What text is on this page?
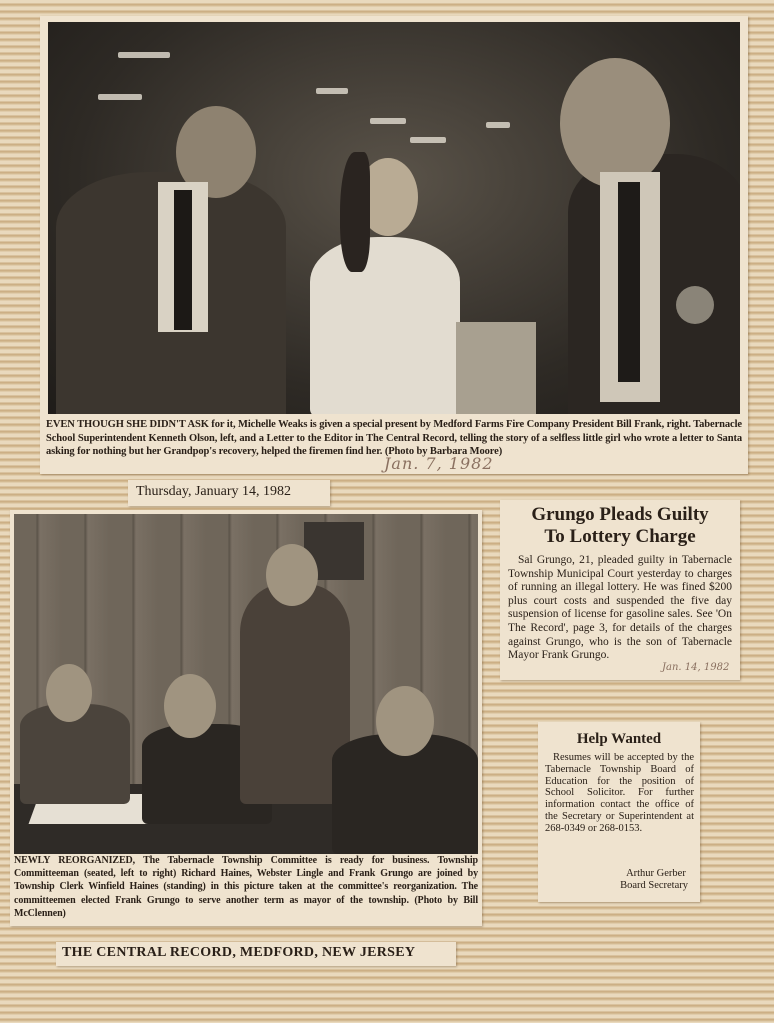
EVEN THOUGH SHE DIDN'T ASK for it, Michelle Weaks is given a special present by Medford Farms Fire Company President Bill Frank, right. Tabernacle School Superintendent Kenneth Olson, left, and a Letter to the Editor in The Central Record, telling the story of a selfless little girl who wrote a letter to Santa asking for nothing but her Grandpop's recovery, helped the firemen find her. (Photo by Barbara Moore)

Jan. 7, 1982
Thursday, January 14, 1982

NEWLY REORGANIZED, The Tabernacle Township Committee is ready for business. Township Committeeman (seated, left to right) Richard Haines, Webster Lingle and Frank Grungo are joined by Township Clerk Winfield Haines (standing) in this picture taken at the committee's reorganization. The committeemen elected Frank Grungo to serve another term as mayor of the township. (Photo by Bill McClennen)

Grungo Pleads Guilty
To Lottery Charge

Sal Grungo, 21, pleaded guilty in Tabernacle Township Municipal Court yesterday to charges of running an illegal lottery. He was fined $200 plus court costs and suspended the five day suspension of license for gasoline sales. See 'On The Record', page 3, for details of the charges against Grungo, who is the son of Tabernacle Mayor Frank Grungo.

Jan. 14, 1982
Help Wanted

Resumes will be accepted by the Tabernacle Township Board of Education for the position of School Solicitor. For further information contact the office of the Secretary or Superintendent at 268-0349 or 268-0153.

Arthur Gerber
Board Secretary
THE CENTRAL RECORD, MEDFORD, NEW JERSEY
